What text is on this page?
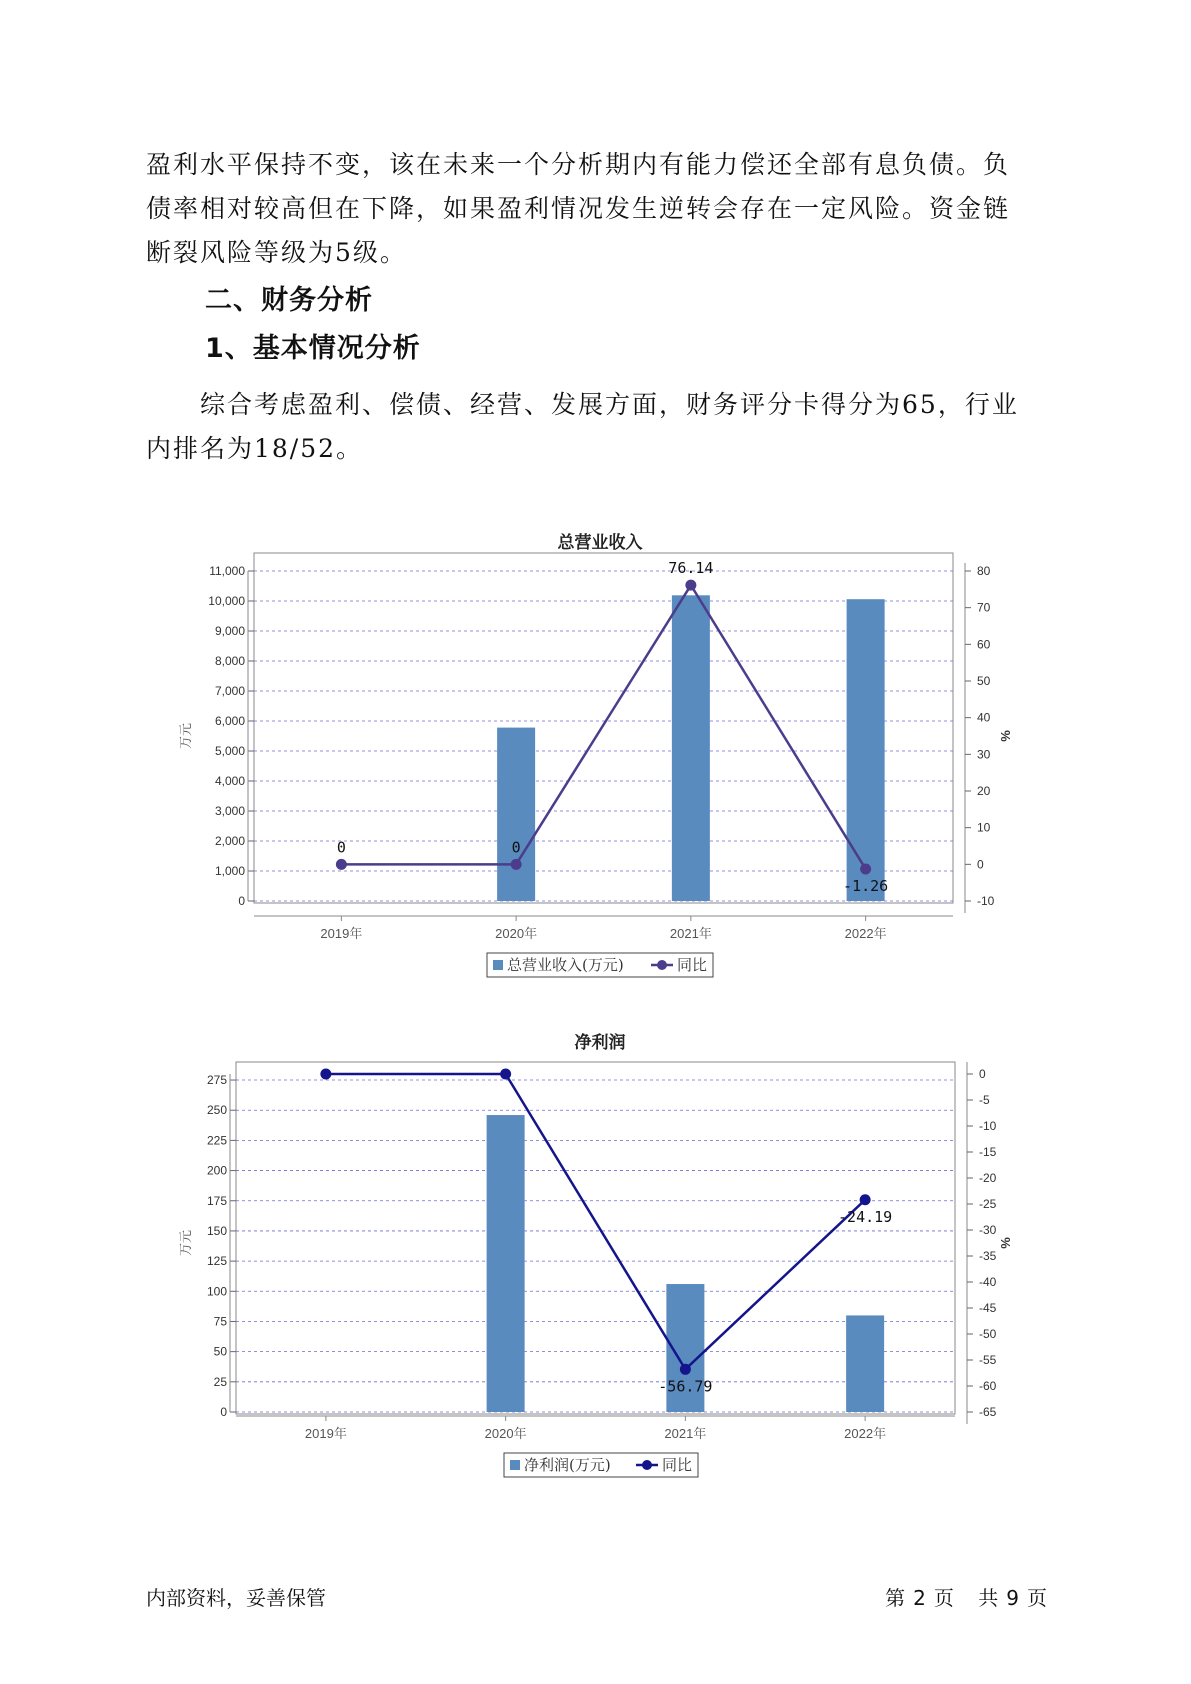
盈利水平保持不变，该在未来一个分析期内有能力偿还全部有息负债。负
债率相对较高但在下降，如果盈利情况发生逆转会存在一定风险。资金链
断裂风险等级为5级。

二、财务分析
1、基本情况分析

综合考虑盈利、偿债、经营、发展方面，财务评分卡得分为65，行业
内排名为18/52。

总营业收入
0
1,000
2,000
3,000
4,000
5,000
6,000
7,000
8,000
9,000
10,000
11,000
-10
0
10
20
30
40
50
60
70
80
万元	%
2019年	2020年	2021年	2022年
0	0
76.14
-1.26
总营业收入(万元)	同比
净利润
0
25
50
75
100
125
150
175
200
225
250
275	0
-5
-10
-15
-20
-25
-30
-35
-40
-45
-50
-55
-60
-65
万元	%
2019年	2020年	2021年	2022年
-56.79
-24.19
净利润(万元)	同比
内部资料，妥善保管	第 2 页 共 9 页
